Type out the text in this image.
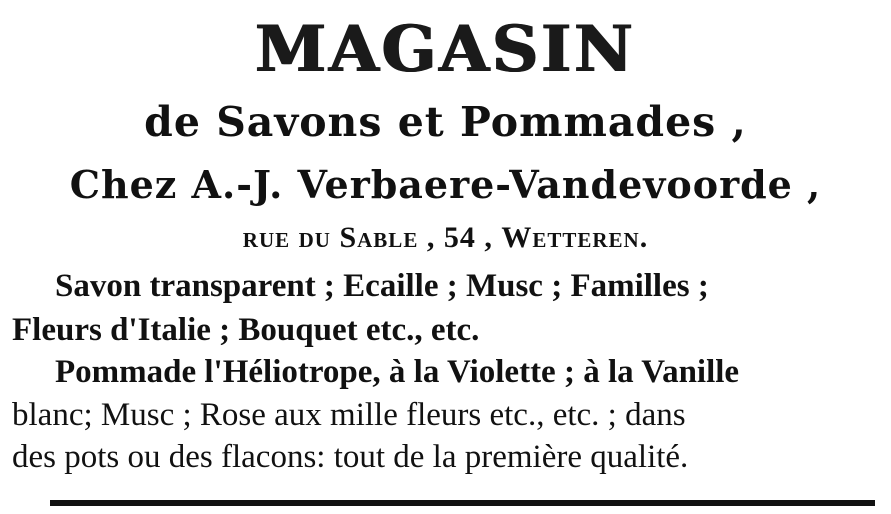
MAGASIN
de Savons et Pommades ,
Chez A.-J. Verbaere-Vandevoorde ,
rue du Sable , 54 , Wetteren.
Savon transparent ; Ecaille ; Musc ; Familles ;
Fleurs d'Italie ; Bouquet etc., etc.
Pommade l'Héliotrope, à la Violette ; à la Vanille
blanc; Musc ; Rose aux mille fleurs etc., etc. ; dans
des pots ou des flacons: tout de la première qualité.
